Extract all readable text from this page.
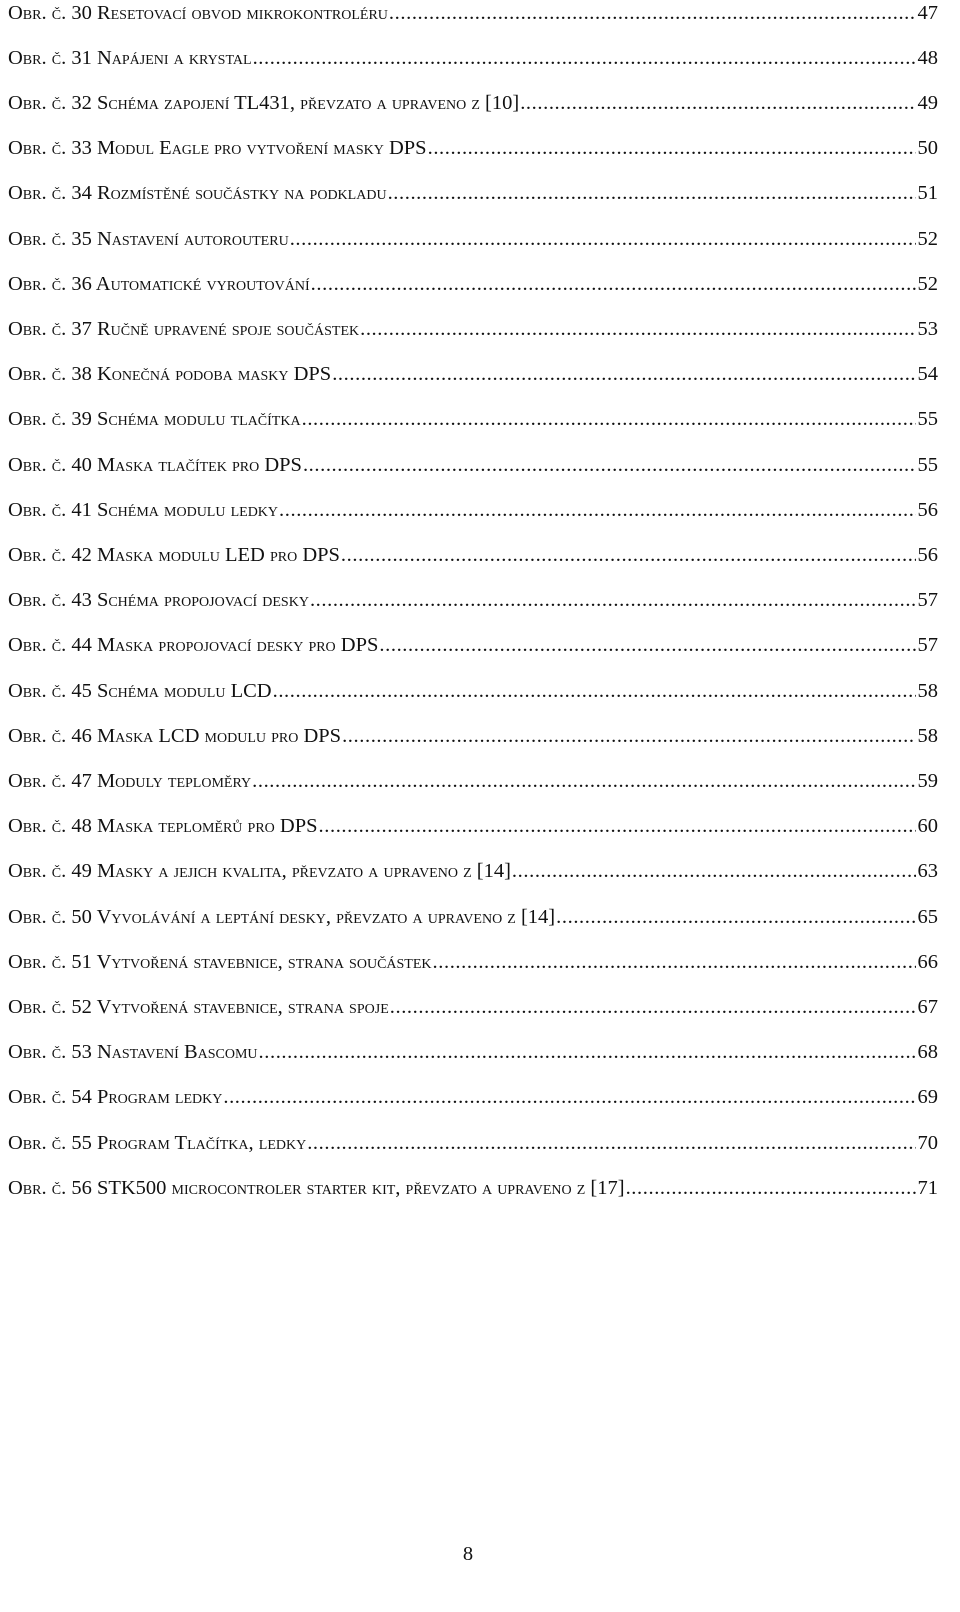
Obr. č. 30 Resetovací obvod mikrokontroléru .....	47
Obr. č. 31 Napájeni a krystal .....	48
Obr. č. 32 Schéma zapojení TL431, převzato a upraveno z [10] .....	49
Obr. č. 33 Modul Eagle pro vytvoření masky DPS .....	50
Obr. č. 34 Rozmístěné součástky na podkladu .....	51
Obr. č. 35 Nastavení autorouteru .....	52
Obr. č. 36 Automatické vyroutování .....	52
Obr. č. 37 Ručně upravené spoje součástek .....	53
Obr. č. 38 Konečná podoba masky DPS .....	54
Obr. č. 39 Schéma modulu tlačítka .....	55
Obr. č. 40 Maska tlačítek pro DPS .....	55
Obr. č. 41 Schéma modulu ledky .....	56
Obr. č. 42 Maska modulu LED pro DPS .....	56
Obr. č. 43 Schéma propojovací desky .....	57
Obr. č. 44 Maska propojovací desky pro DPS .....	57
Obr. č. 45 Schéma modulu LCD .....	58
Obr. č. 46 Maska LCD modulu pro DPS .....	58
Obr. č. 47 Moduly teploměry .....	59
Obr. č. 48 Maska teploměrů pro DPS .....	60
Obr. č. 49 Masky a jejich kvalita, převzato a upraveno z [14] .....	63
Obr. č. 50 Vyvolávání a leptání desky, převzato a upraveno z [14] .....	65
Obr. č. 51 Vytvořená stavebnice, strana součástek .....	66
Obr. č. 52 Vytvořená stavebnice, strana spoje .....	67
Obr. č. 53 Nastavení Bascomu .....	68
Obr. č. 54 Program ledky .....	69
Obr. č. 55 Program Tlačítka, ledky .....	70
Obr. č. 56 STK500 microcontroler starter kit, převzato a upraveno z [17] .....	71
8
